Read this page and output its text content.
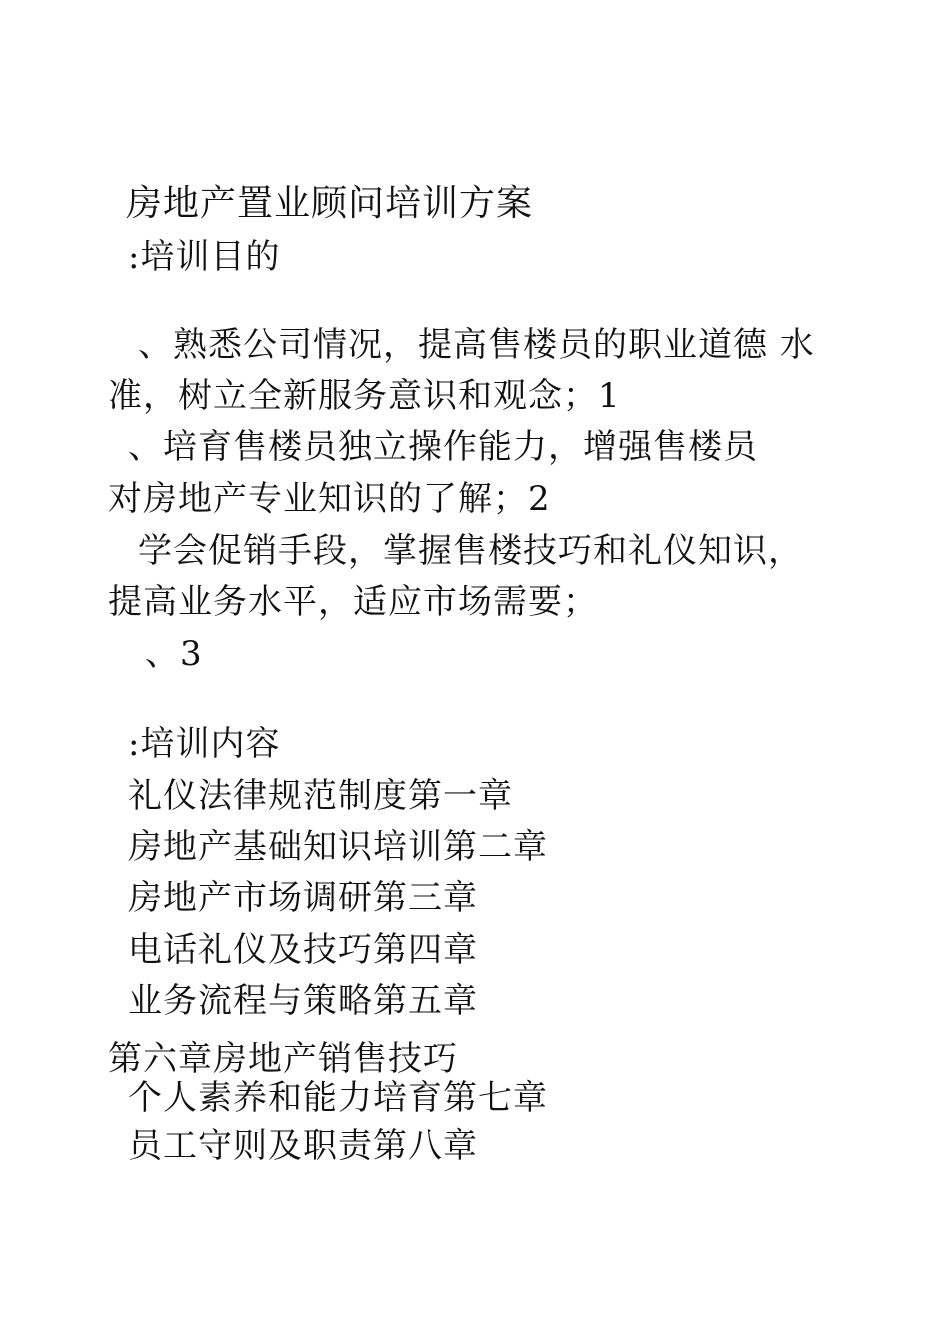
房地产置业顾问培训方案
:培训目的
、熟悉公司情况，提高售楼员的职业道德 水
准，树立全新服务意识和观念；1
、培育售楼员独立操作能力，增强售楼员
对房地产专业知识的了解；2
学会促销手段，掌握售楼技巧和礼仪知识，
提高业务水平，适应市场需要；
、3
:培训内容
礼仪法律规范制度第一章
房地产基础知识培训第二章
房地产市场调研第三章
电话礼仪及技巧第四章
业务流程与策略第五章
第六章房地产销售技巧
个人素养和能力培育第七章
员工守则及职责第八章
